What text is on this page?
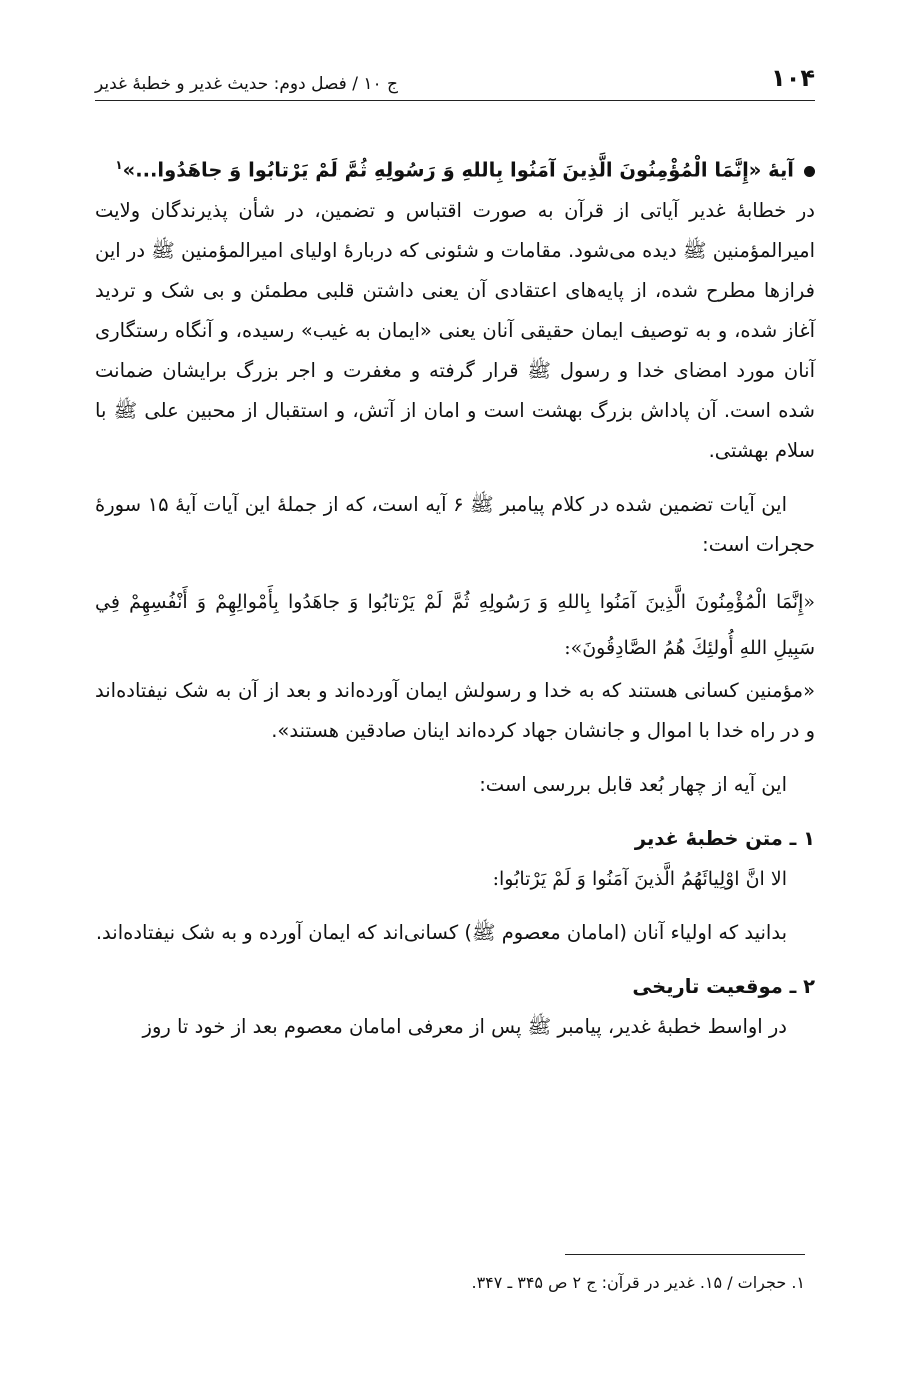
۱۰۴
ج ۱۰ / فصل دوم: حدیث غدیر و خطبهٔ غدیر
آیهٔ «إِنَّمَا الْمُؤْمِنُونَ الَّذِينَ آمَنُوا بِاللهِ وَ رَسُولِهِ ثُمَّ لَمْ يَرْتابُوا وَ جاهَدُوا...»$^۱$

در خطابهٔ غدیر آیاتی از قرآن به صورت اقتباس و تضمین، در شأن پذیرندگان ولایت امیرالمؤمنین ﷺ دیده می‌شود. مقامات و شئونی که دربارهٔ اولیای امیرالمؤمنین ﷺ در این فرازها مطرح شده، از پایه‌های اعتقادی آن یعنی داشتن قلبی مطمئن و بی شک و تردید آغاز شده، و به توصیف ایمان حقیقی آنان یعنی «ایمان به غیب» رسیده، و آنگاه رستگاری آنان مورد امضای خدا و رسول ﷺ قرار گرفته و مغفرت و اجر بزرگ برایشان ضمانت شده است. آن پاداش بزرگ بهشت است و امان از آتش، و استقبال از محبین علی ﷺ با سلام بهشتی.

این آیات تضمین شده در کلام پیامبر ﷺ ۶ آیه است، که از جملهٔ این آیات آیهٔ ۱۵ سورهٔ حجرات است:

«إِنَّمَا الْمُؤْمِنُونَ الَّذِينَ آمَنُوا بِاللهِ وَ رَسُولِهِ ثُمَّ لَمْ يَرْتابُوا وَ جاهَدُوا بِأَمْوالِهِمْ وَ أَنْفُسِهِمْ فِي سَبِيلِ اللهِ أُولئِكَ هُمُ الصَّادِقُونَ»:

«مؤمنین کسانی هستند که به خدا و رسولش ایمان آورده‌اند و بعد از آن به شک نیفتاده‌اند و در راه خدا با اموال و جانشان جهاد کرده‌اند اینان صادقین هستند».

این آیه از چهار بُعد قابل بررسی است:

۱ ـ متن خطبهٔ غدیر

الا انَّ اوْلِيائَهُمُ الَّذينَ آمَنُوا وَ لَمْ يَرْتابُوا:

بدانید که اولیاء آنان (امامان معصوم ﷺ) کسانی‌اند که ایمان آورده و به شک نیفتاده‌اند.

۲ ـ موقعیت تاریخی

در اواسط خطبهٔ غدیر، پیامبر ﷺ پس از معرفی امامان معصوم بعد از خود تا روز

۱. حجرات / ۱۵. غدیر در قرآن: ج ۲ ص ۳۴۵ ـ ۳۴۷.
